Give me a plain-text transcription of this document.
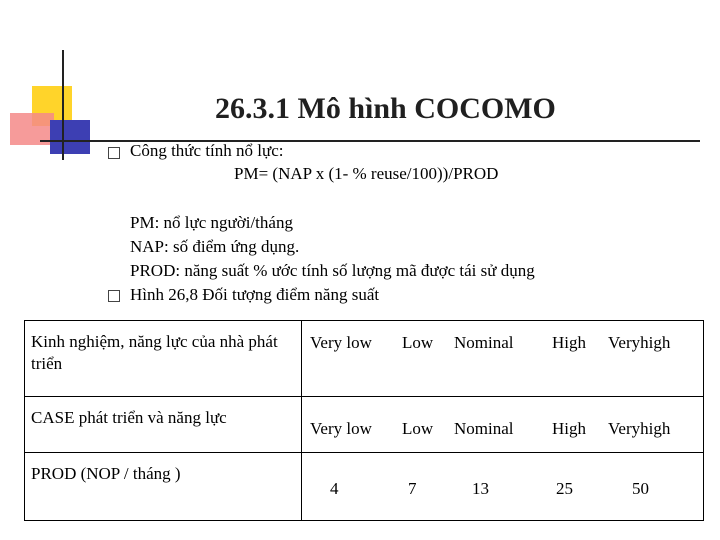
26.3.1 Mô hình COCOMO
Công thức tính nổ lực:
PM= (NAP x (1- % reuse/100))/PROD
PM: nổ lực người/tháng
NAP: số điểm ứng dụng.
PROD: năng suất % ước tính số lượng mã được tái sử dụng
Hình 26,8 Đối tượng điểm năng suất
Kinh nghiệm, năng lực của nhà phát triển	Very low Low Nominal High Veryhigh

CASE phát triển và năng lực	Very low Low Nominal High Veryhigh

PROD (NOP / tháng )	4 7 13 25 50
